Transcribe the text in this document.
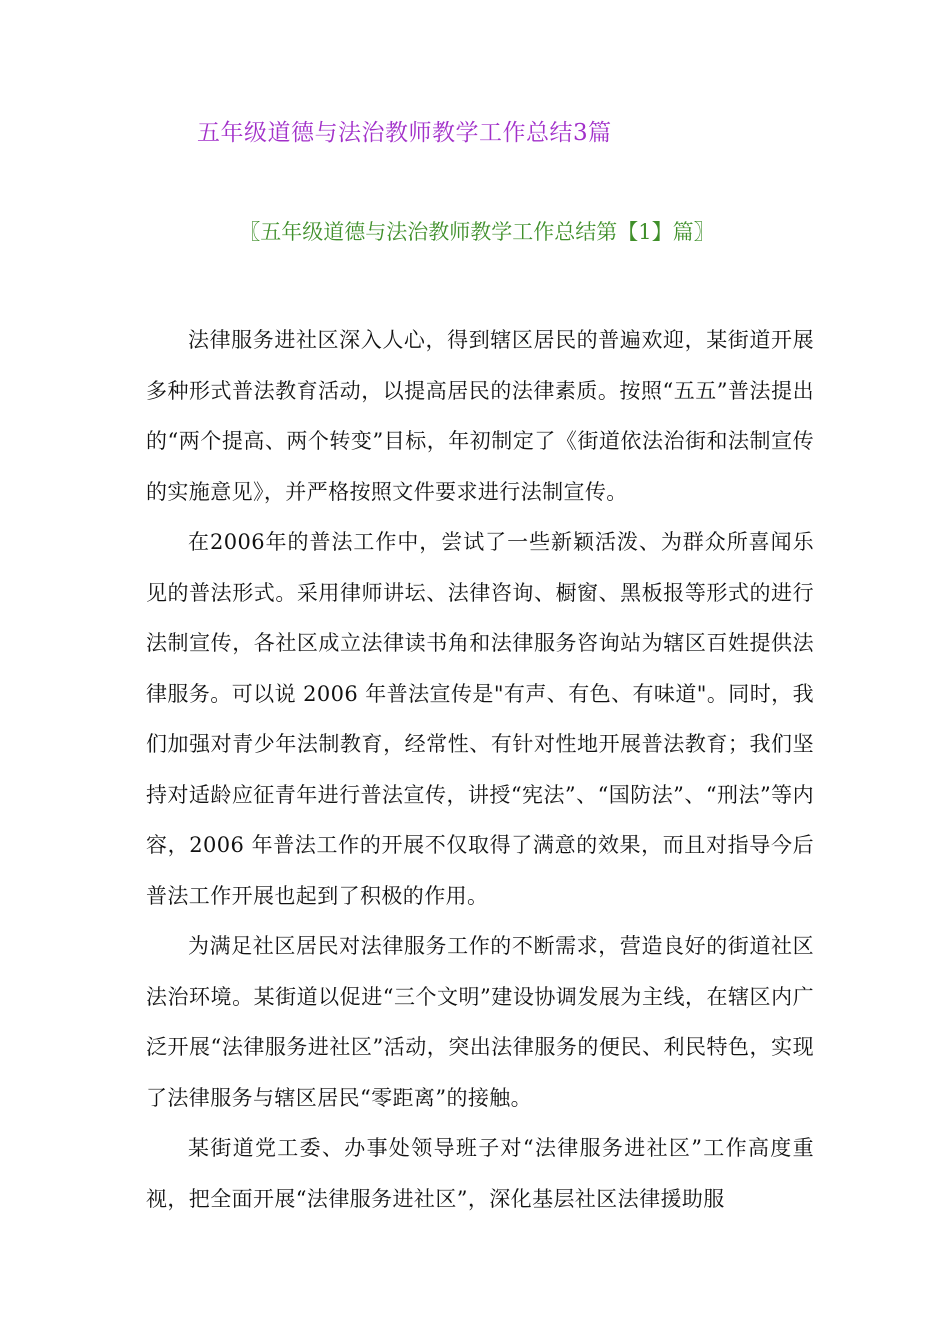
五年级道德与法治教师教学工作总结3篇
〖五年级道德与法治教师教学工作总结第【1】篇〗

法律服务进社区深入人心，得到辖区居民的普遍欢迎，某街道开展多种形式普法教育活动，以提高居民的法律素质。按照“五五”普法提出的“两个提高、两个转变”目标，年初制定了《街道依法治街和法制宣传的实施意见》，并严格按照文件要求进行法制宣传。

在2006年的普法工作中，尝试了一些新颖活泼、为群众所喜闻乐见的普法形式。采用律师讲坛、法律咨询、橱窗、黑板报等形式的进行法制宣传，各社区成立法律读书角和法律服务咨询站为辖区百姓提供法律服务。可以说 2006 年普法宣传是"有声、有色、有味道"。同时，我们加强对青少年法制教育，经常性、有针对性地开展普法教育；我们坚持对适龄应征青年进行普法宣传，讲授“宪法”、“国防法”、“刑法”等内容，2006 年普法工作的开展不仅取得了满意的效果，而且对指导今后普法工作开展也起到了积极的作用。

为满足社区居民对法律服务工作的不断需求，营造良好的街道社区法治环境。某街道以促进“三个文明”建设协调发展为主线，在辖区内广泛开展“法律服务进社区”活动，突出法律服务的便民、利民特色，实现了法律服务与辖区居民“零距离”的接触。

某街道党工委、办事处领导班子对“法律服务进社区”工作高度重视，把全面开展“法律服务进社区”，深化基层社区法律援助服
